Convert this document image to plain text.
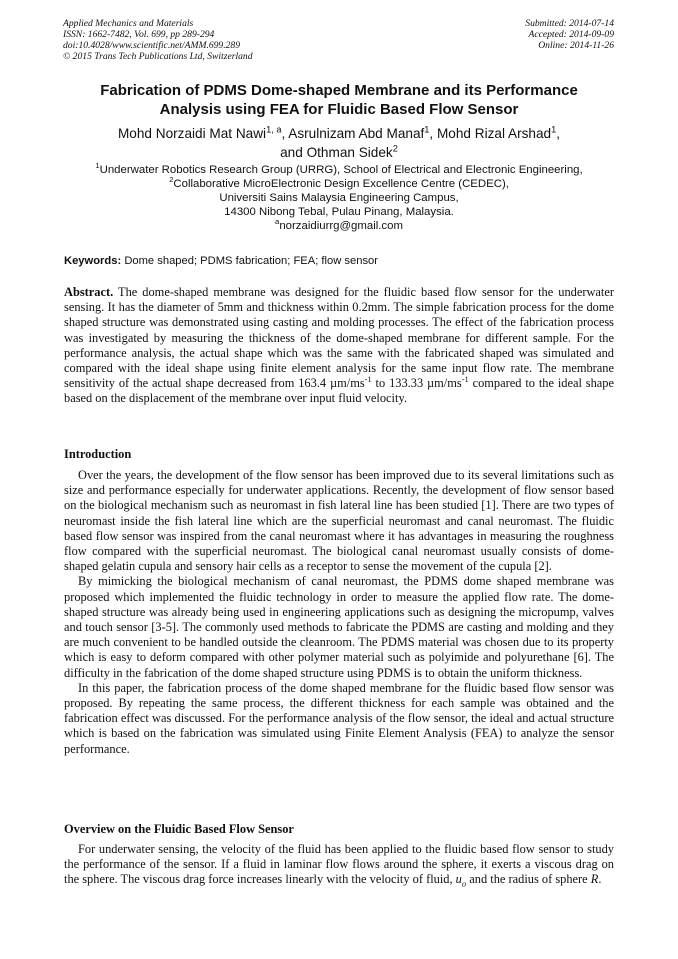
Applied Mechanics and Materials
ISSN: 1662-7482, Vol. 699, pp 289-294
doi:10.4028/www.scientific.net/AMM.699.289
© 2015 Trans Tech Publications Ltd, Switzerland
Submitted: 2014-07-14
Accepted: 2014-09-09
Online: 2014-11-26
Fabrication of PDMS Dome-shaped Membrane and its Performance
Analysis using FEA for Fluidic Based Flow Sensor
Mohd Norzaidi Mat Nawi$^{1, a}$, Asrulnizam Abd Manaf$^1$, Mohd Rizal Arshad$^1$,
and Othman Sidek$^2$
$^1$Underwater Robotics Research Group (URRG), School of Electrical and Electronic Engineering,
$^2$Collaborative MicroElectronic Design Excellence Centre (CEDEC),
Universiti Sains Malaysia Engineering Campus,
14300 Nibong Tebal, Pulau Pinang, Malaysia.
$^a$norzaidiurrg@gmail.com
Keywords: Dome shaped; PDMS fabrication; FEA; flow sensor
Abstract. The dome-shaped membrane was designed for the fluidic based flow sensor for the underwater sensing. It has the diameter of 5mm and thickness within 0.2mm. The simple fabrication process for the dome shaped structure was demonstrated using casting and molding processes. The effect of the fabrication process was investigated by measuring the thickness of the dome-shaped membrane for different sample. For the performance analysis, the actual shape which was the same with the fabricated shaped was simulated and compared with the ideal shape using finite element analysis for the same input flow rate. The membrane sensitivity of the actual shape decreased from 163.4 $\mu m/ms^{-1}$ to 133.33 $\mu m/ms^{-1}$ compared to the ideal shape based on the displacement of the membrane over input fluid velocity.
Introduction

Over the years, the development of the flow sensor has been improved due to its several limitations such as size and performance especially for underwater applications. Recently, the development of flow sensor based on the biological mechanism such as neuromast in fish lateral line has been studied [1]. There are two types of neuromast inside the fish lateral line which are the superficial neuromast and canal neuromast. The fluidic based flow sensor was inspired from the canal neuromast where it has advantages in measuring the roughness flow compared with the superficial neuromast. The biological canal neuromast usually consists of dome-shaped gelatin cupula and sensory hair cells as a receptor to sense the movement of the cupula [2].

By mimicking the biological mechanism of canal neuromast, the PDMS dome shaped membrane was proposed which implemented the fluidic technology in order to measure the applied flow rate. The dome-shaped structure was already being used in engineering applications such as designing the micropump, valves and touch sensor [3-5]. The commonly used methods to fabricate the PDMS are casting and molding and they are much convenient to be handled outside the cleanroom. The PDMS material was chosen due to its property which is easy to deform compared with other polymer material such as polyimide and polyurethane [6]. The difficulty in the fabrication of the dome shaped structure using PDMS is to obtain the uniform thickness.

In this paper, the fabrication process of the dome shaped membrane for the fluidic based flow sensor was proposed. By repeating the same process, the different thickness for each sample was obtained and the fabrication effect was discussed. For the performance analysis of the flow sensor, the ideal and actual structure which is based on the fabrication was simulated using Finite Element Analysis (FEA) to analyze the sensor performance.

Overview on the Fluidic Based Flow Sensor

For underwater sensing, the velocity of the fluid has been applied to the fluidic based flow sensor to study the performance of the sensor. If a fluid in laminar flow flows around the sphere, it exerts a viscous drag on the sphere. The viscous drag force increases linearly with the velocity of fluid, $u_o$ and the radius of sphere R.
